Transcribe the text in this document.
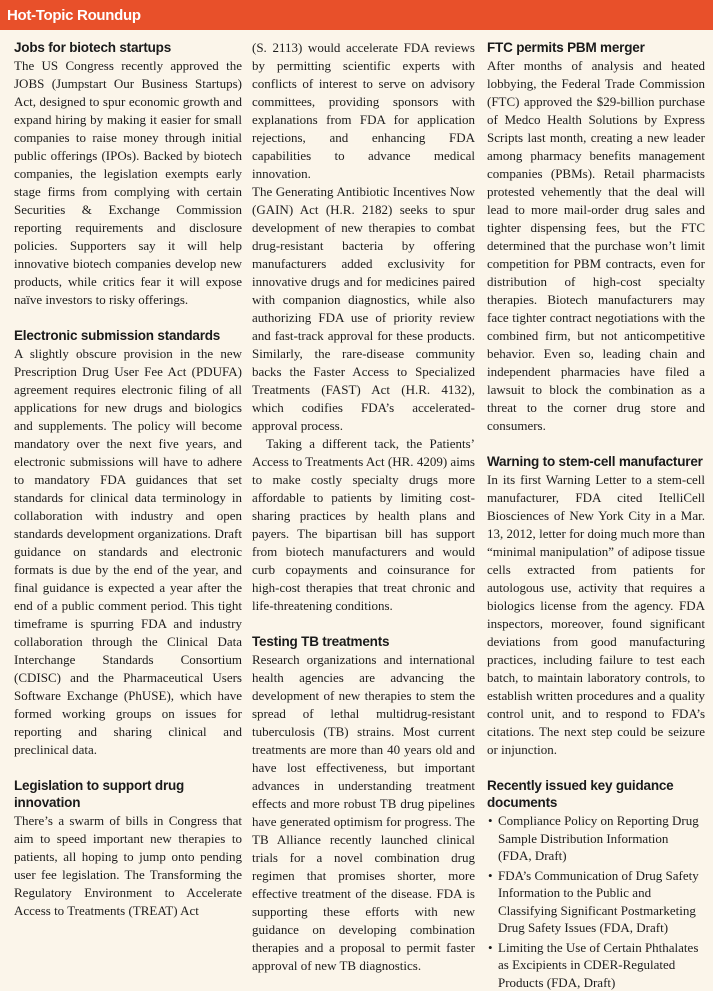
Hot-Topic Roundup
Jobs for biotech startups

The US Congress recently approved the JOBS (Jumpstart Our Business Startups) Act, designed to spur economic growth and expand hiring by making it easier for small companies to raise money through initial public offerings (IPOs). Backed by biotech companies, the legislation exempts early stage firms from complying with certain Securities & Exchange Commission reporting requirements and disclosure policies. Supporters say it will help innovative biotech companies develop new products, while critics fear it will expose naïve investors to risky offerings.

Electronic submission standards

A slightly obscure provision in the new Prescription Drug User Fee Act (PDUFA) agreement requires electronic filing of all applications for new drugs and biologics and supplements. The policy will become mandatory over the next five years, and electronic submissions will have to adhere to mandatory FDA guidances that set standards for clinical data terminology in collaboration with industry and open standards development organizations. Draft guidance on standards and electronic formats is due by the end of the year, and final guidance is expected a year after the end of a public comment period. This tight timeframe is spurring FDA and industry collaboration through the Clinical Data Interchange Standards Consortium (CDISC) and the Pharmaceutical Users Software Exchange (PhUSE), which have formed working groups on issues for reporting and sharing clinical and preclinical data.

Legislation to support drug innovation

There’s a swarm of bills in Congress that aim to speed important new therapies to patients, all hoping to jump onto pending user fee legislation. The Transforming the Regulatory Environment to Accelerate Access to Treatments (TREAT) Act

(S. 2113) would accelerate FDA reviews by permitting scientific experts with conflicts of interest to serve on advisory committees, providing sponsors with explanations from FDA for application rejections, and enhancing FDA capabilities to advance medical innovation.

The Generating Antibiotic Incentives Now (GAIN) Act (H.R. 2182) seeks to spur development of new therapies to combat drug-resistant bacteria by offering manufacturers added exclusivity for innovative drugs and for medicines paired with companion diagnostics, while also authorizing FDA use of priority review and fast-track approval for these products. Similarly, the rare-disease community backs the Faster Access to Specialized Treatments (FAST) Act (H.R. 4132), which codifies FDA’s accelerated-approval process.

Taking a different tack, the Patients’ Access to Treatments Act (HR. 4209) aims to make costly specialty drugs more affordable to patients by limiting cost-sharing practices by health plans and payers. The bipartisan bill has support from biotech manufacturers and would curb copayments and coinsurance for high-cost therapies that treat chronic and life-threatening conditions.

Testing TB treatments

Research organizations and international health agencies are advancing the development of new therapies to stem the spread of lethal multidrug-resistant tuberculosis (TB) strains. Most current treatments are more than 40 years old and have lost effectiveness, but important advances in understanding treatment effects and more robust TB drug pipelines have generated optimism for progress. The TB Alliance recently launched clinical trials for a novel combination drug regimen that promises shorter, more effective treatment of the disease. FDA is supporting these efforts with new guidance on developing combination therapies and a proposal to permit faster approval of new TB diagnostics.

FTC permits PBM merger

After months of analysis and heated lobbying, the Federal Trade Commission (FTC) approved the $29-billion purchase of Medco Health Solutions by Express Scripts last month, creating a new leader among pharmacy benefits management companies (PBMs). Retail pharmacists protested vehemently that the deal will lead to more mail-order drug sales and tighter dispensing fees, but the FTC determined that the purchase won’t limit competition for PBM contracts, even for distribution of high-cost specialty therapies. Biotech manufacturers may face tighter contract negotiations with the combined firm, but not anticompetitive behavior. Even so, leading chain and independent pharmacies have filed a lawsuit to block the combination as a threat to the corner drug store and consumers.

Warning to stem-cell manufacturer

In its first Warning Letter to a stem-cell manufacturer, FDA cited ItelliCell Biosciences of New York City in a Mar. 13, 2012, letter for doing much more than “minimal manipulation” of adipose tissue cells extracted from patients for autologous use, activity that requires a biologics license from the agency. FDA inspectors, moreover, found significant deviations from good manufacturing practices, including failure to test each batch, to maintain laboratory controls, to establish written procedures and a quality control unit, and to respond to FDA’s citations. The next step could be seizure or injunction.

Recently issued key guidance documents
• Compliance Policy on Reporting Drug Sample Distribution Information (FDA, Draft)
• FDA’s Communication of Drug Safety Information to the Public and Classifying Significant Postmarketing Drug Safety Issues (FDA, Draft)
• Limiting the Use of Certain Phthalates as Excipients in CDER-Regulated Products (FDA, Draft)
